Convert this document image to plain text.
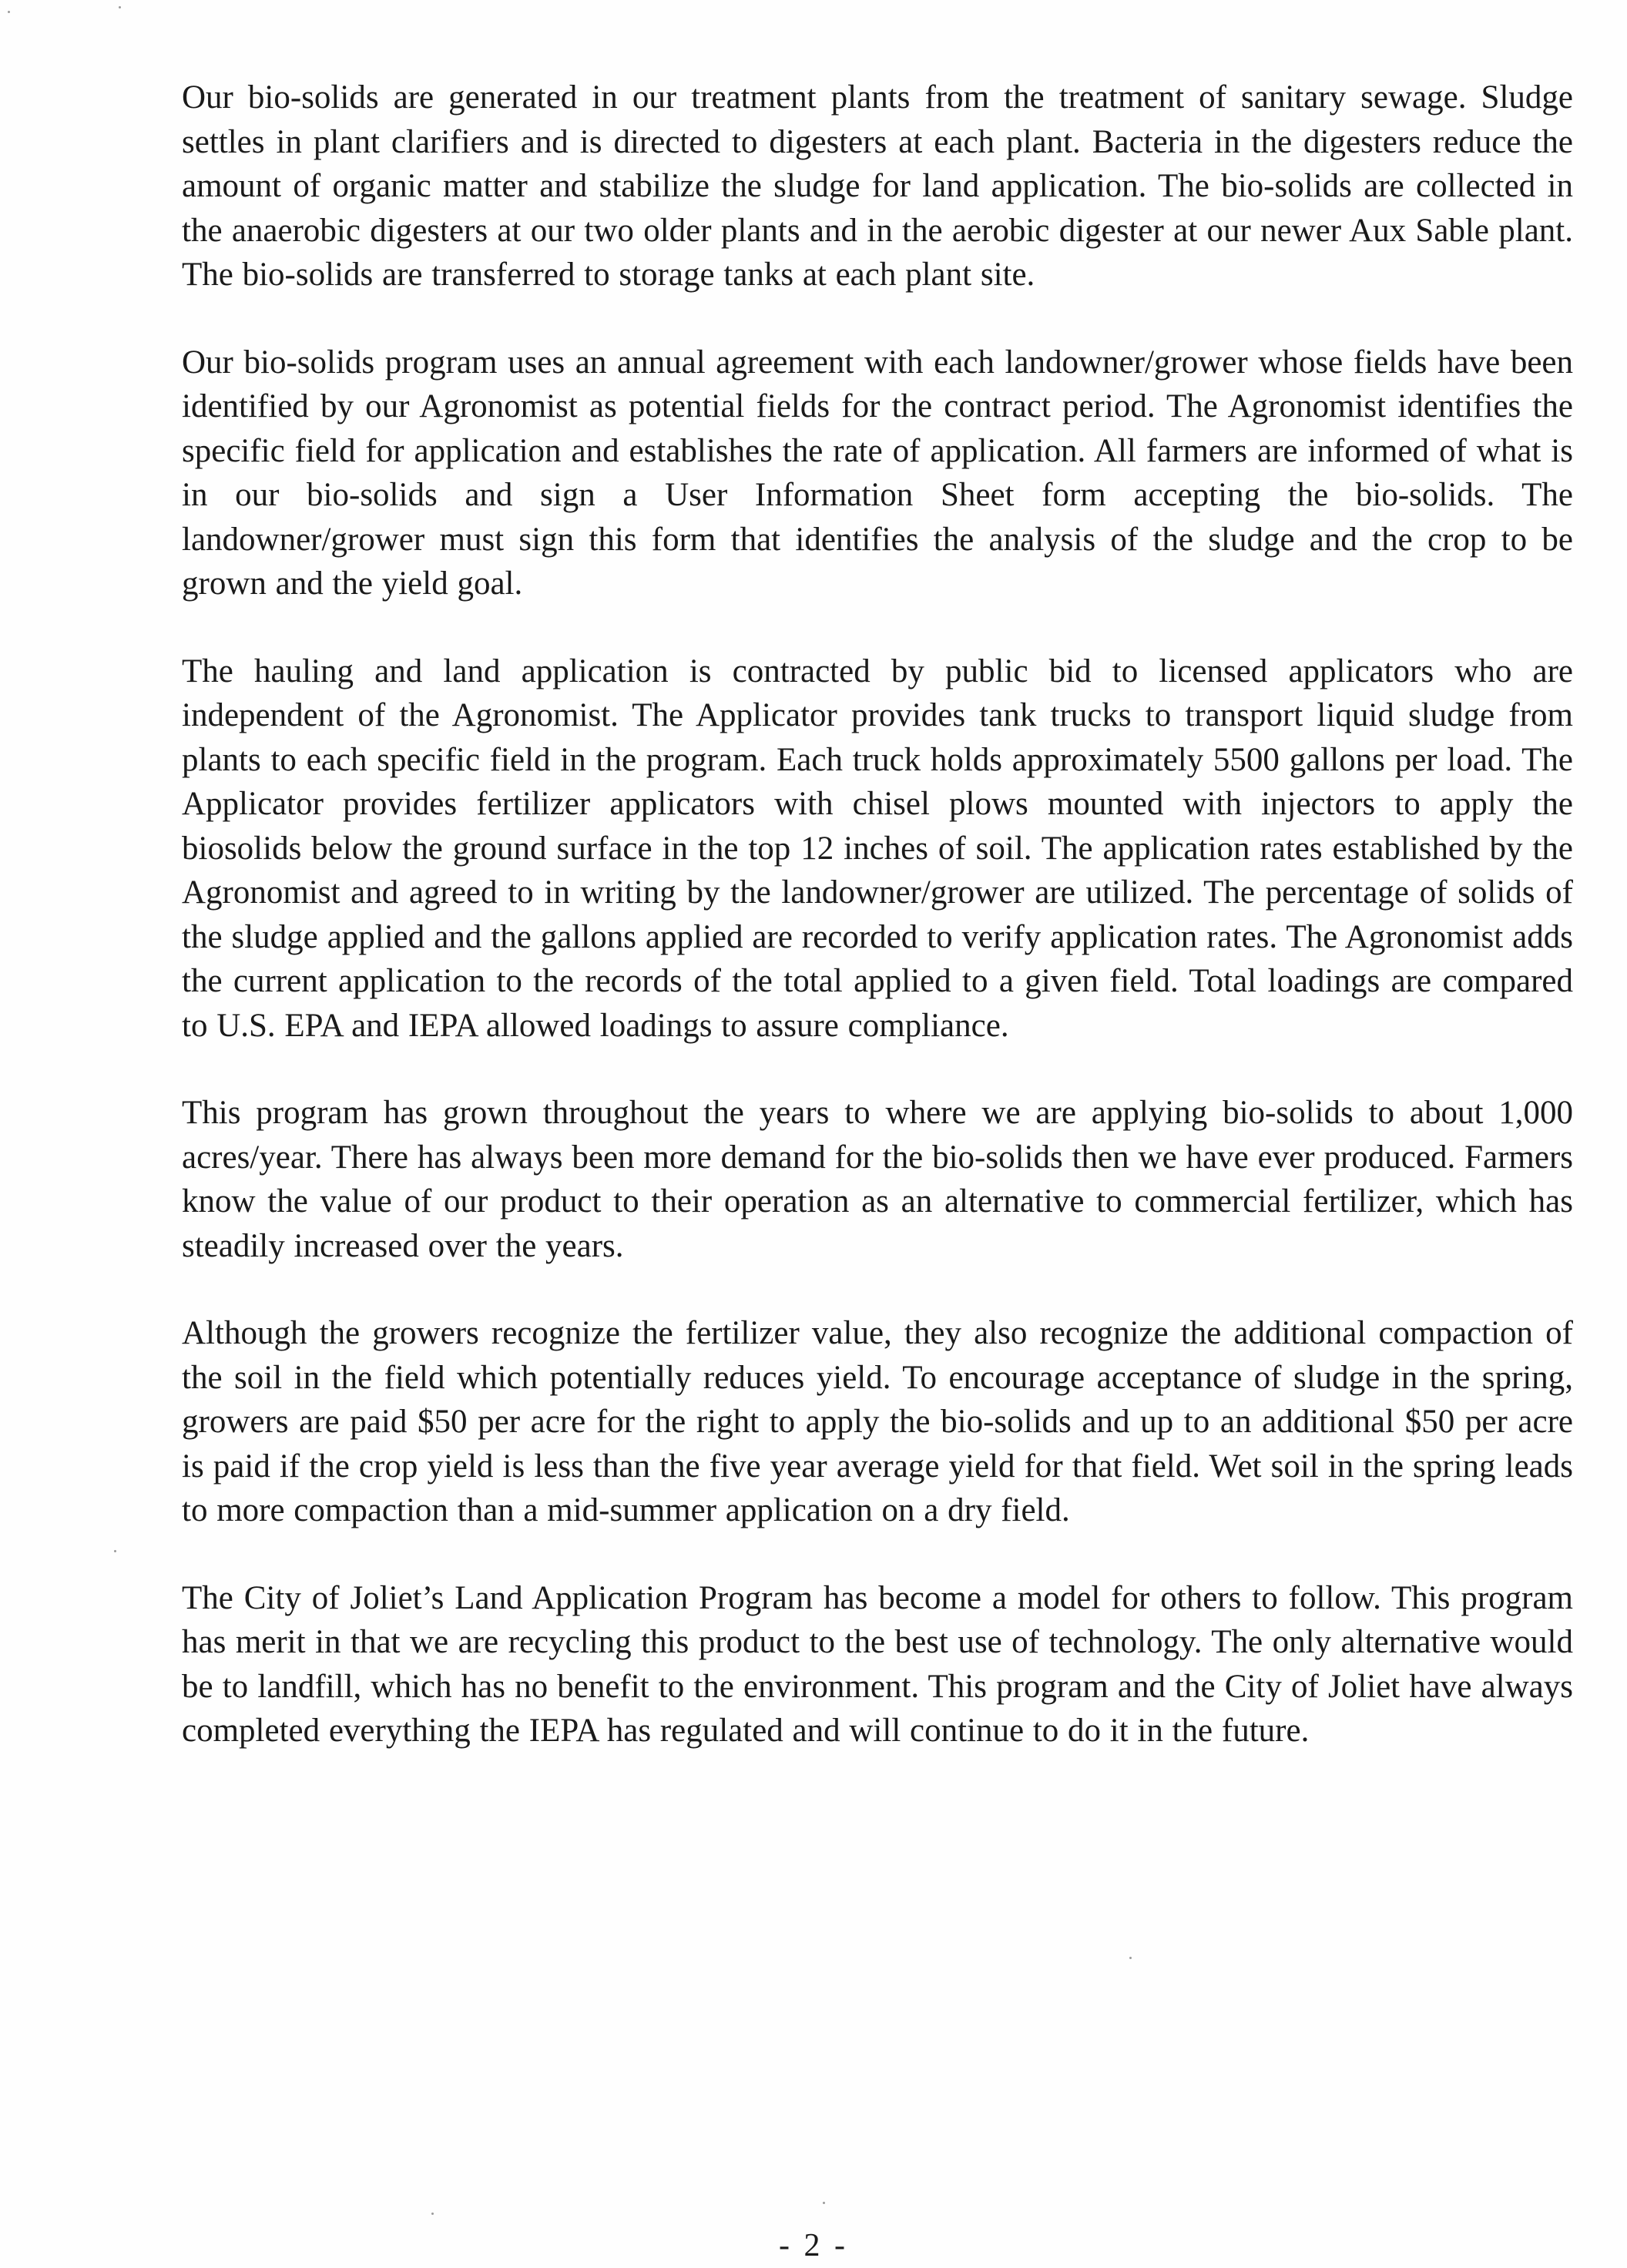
Our bio-solids are generated in our treatment plants from the treatment of sanitary sewage. Sludge settles in plant clarifiers and is directed to digesters at each plant. Bacteria in the digesters reduce the amount of organic matter and stabilize the sludge for land application. The bio-solids are collected in the anaerobic digesters at our two older plants and in the aerobic digester at our newer Aux Sable plant. The bio-solids are transferred to storage tanks at each plant site.

Our bio-solids program uses an annual agreement with each landowner/grower whose fields have been identified by our Agronomist as potential fields for the contract period. The Agronomist identifies the specific field for application and establishes the rate of application. All farmers are informed of what is in our bio-solids and sign a User Information Sheet form accepting the bio-solids. The landowner/grower must sign this form that identifies the analysis of the sludge and the crop to be grown and the yield goal.

The hauling and land application is contracted by public bid to licensed applicators who are independent of the Agronomist. The Applicator provides tank trucks to transport liquid sludge from plants to each specific field in the program. Each truck holds approximately 5500 gallons per load. The Applicator provides fertilizer applicators with chisel plows mounted with injectors to apply the biosolids below the ground surface in the top 12 inches of soil. The application rates established by the Agronomist and agreed to in writing by the landowner/grower are utilized. The percentage of solids of the sludge applied and the gallons applied are recorded to verify application rates. The Agronomist adds the current application to the records of the total applied to a given field. Total loadings are compared to U.S. EPA and IEPA allowed loadings to assure compliance.

This program has grown throughout the years to where we are applying bio-solids to about 1,000 acres/year. There has always been more demand for the bio-solids then we have ever produced. Farmers know the value of our product to their operation as an alternative to commercial fertilizer, which has steadily increased over the years.

Although the growers recognize the fertilizer value, they also recognize the additional compaction of the soil in the field which potentially reduces yield. To encourage acceptance of sludge in the spring, growers are paid $50 per acre for the right to apply the bio-solids and up to an additional $50 per acre is paid if the crop yield is less than the five year average yield for that field. Wet soil in the spring leads to more compaction than a mid-summer application on a dry field.

The City of Joliet’s Land Application Program has become a model for others to follow. This program has merit in that we are recycling this product to the best use of technology. The only alternative would be to landfill, which has no benefit to the environment. This program and the City of Joliet have always completed everything the IEPA has regulated and will continue to do it in the future.

- 2 -
